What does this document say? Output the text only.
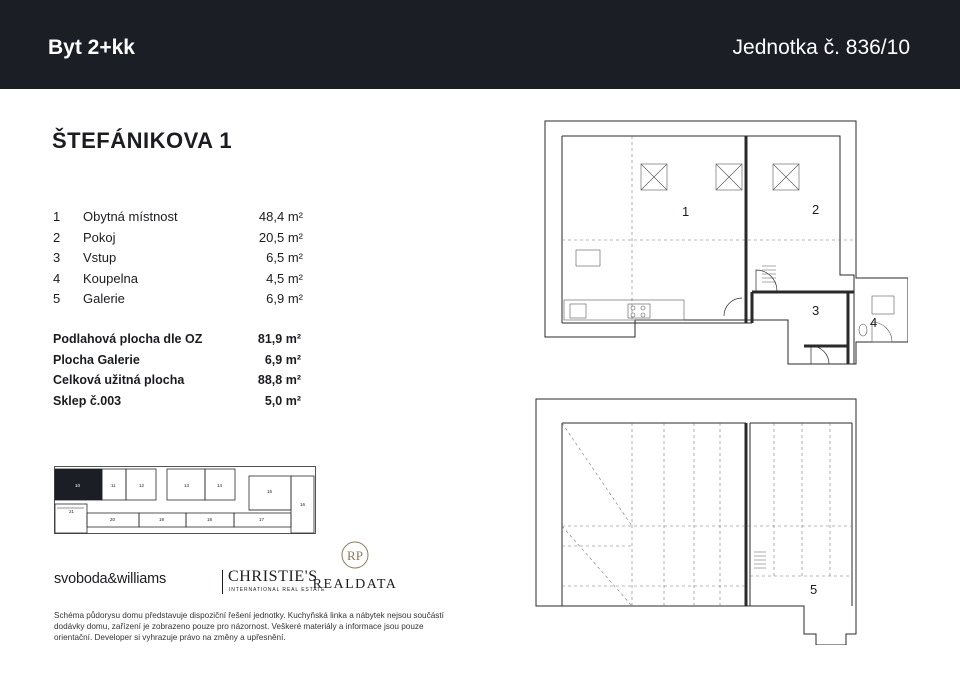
Byt 2+kk	Jednotka č. 836/10
ŠTEFÁNIKOVA 1
1 Obytná místnost	48,4 m²
2 Pokoj	20,5 m²
3 Vstup	6,5 m²
4 Koupelna	4,5 m²
5 Galerie	6,9 m²
Podlahová plocha dle OZ	81,9 m²
Plocha Galerie	6,9 m²
Celková užitná plocha	88,8 m²
Sklep č.003	5,0 m²
10	11	12	13	14
15
16
17
18
19
20
21
svoboda&williams	CHRISTIE'S
INTERNATIONAL REAL ESTATE
RP
REALDATA
Schéma půdorysu domu představuje dispoziční řešení jednotky. Kuchyňská linka a nábytek nejsou součástí dodávky domu, zařízení je zobrazeno pouze pro názornost. Veškeré materiály a informace jsou pouze orientační. Developer si vyhrazuje právo na změny a upřesnění.
1	2
3
4
5
